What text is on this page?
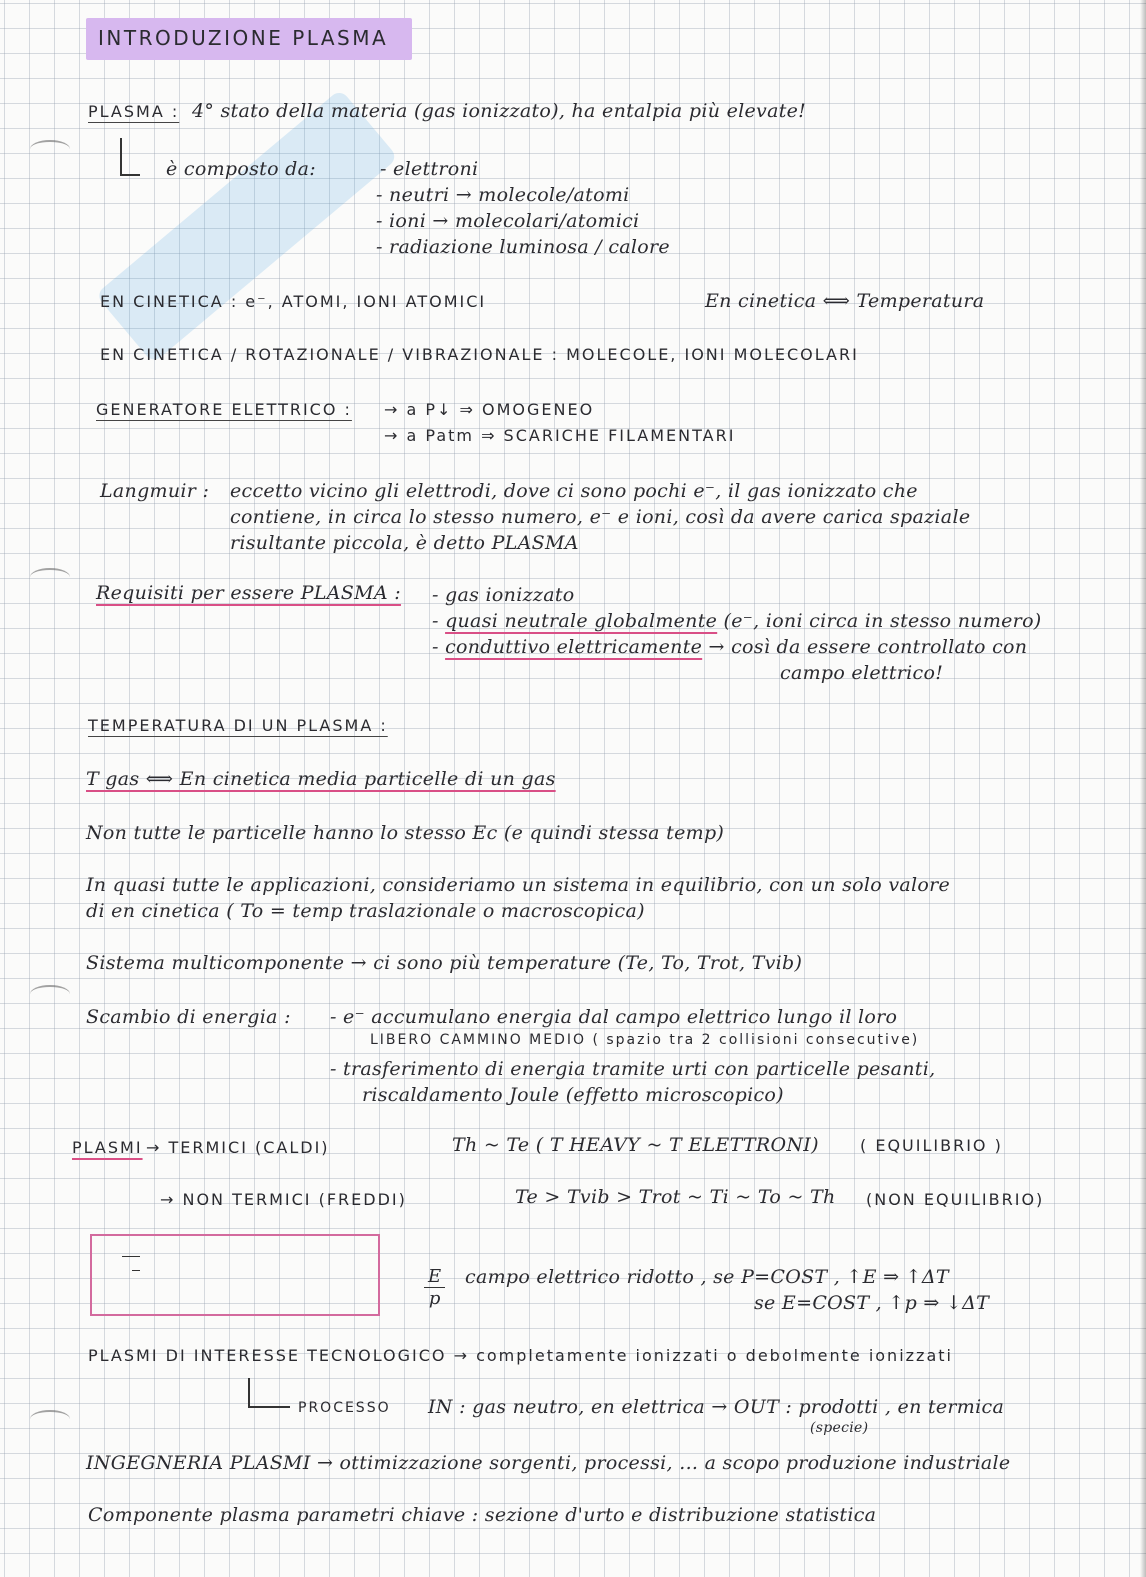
INTRODUZIONE PLASMA
PLASMA : 4° stato della materia (gas ionizzato), ha entalpia più elevate!
è composto da:	- elettroni
- neutri → molecole/atomi
- ioni → molecolari/atomici
- radiazione luminosa / calore
EN CINETICA : e⁻, ATOMI, IONI ATOMICI	En cinetica ⟺ Temperatura
EN CINETICA / ROTAZIONALE / VIBRAZIONALE : MOLECOLE, IONI MOLECOLARI
GENERATORE ELETTRICO : → a P↓ ⇒ OMOGENEO
→ a Patm ⇒ SCARICHE FILAMENTARI
Langmuir : eccetto vicino gli elettrodi, dove ci sono pochi e⁻, il gas ionizzato che
contiene, in circa lo stesso numero, e⁻ e ioni, così da avere carica spaziale
risultante piccola, è detto PLASMA
Requisiti per essere PLASMA : - gas ionizzato
- quasi neutrale globalmente (e⁻, ioni circa in stesso numero)
- conduttivo elettricamente → così da essere controllato con
campo elettrico!
TEMPERATURA DI UN PLASMA :
T gas ⟺ En cinetica media particelle di un gas
Non tutte le particelle hanno lo stesso Ec (e quindi stessa temp)
In quasi tutte le applicazioni, consideriamo un sistema in equilibrio, con un solo valore
di en cinetica ( To = temp traslazionale o macroscopica)
Sistema multicomponente → ci sono più temperature (Te, To, Trot, Tvib)
Scambio di energia : - e⁻ accumulano energia dal campo elettrico lungo il loro
LIBERO CAMMINO MEDIO ( spazio tra 2 collisioni consecutive)
- trasferimento di energia tramite urti con particelle pesanti,
riscaldamento Joule (effetto microscopico)
PLASMI → TERMICI (CALDI)	Th ~ Te ( T HEAVY ~ T ELETTRONI)	( EQUILIBRIO )
→ NON TERMICI (FREDDI)	Te > Tvib > Trot ~ Ti ~ To ~ Th (NON EQUILIBRIO)
$\frac{E}{p}$ campo elettrico ridotto , se P=COST , ↑E ⇒ ↑ΔT
se E=COST , ↑p ⇒ ↓ΔT
PLASMI DI INTERESSE TECNOLOGICO → completamente ionizzati o debolmente ionizzati
PROCESSO IN : gas neutro, en elettrica → OUT : prodotti , en termica
(specie)
INGEGNERIA PLASMI → ottimizzazione sorgenti, processi, ... a scopo produzione industriale
Componente plasma parametri chiave : sezione d'urto e distribuzione statistica
